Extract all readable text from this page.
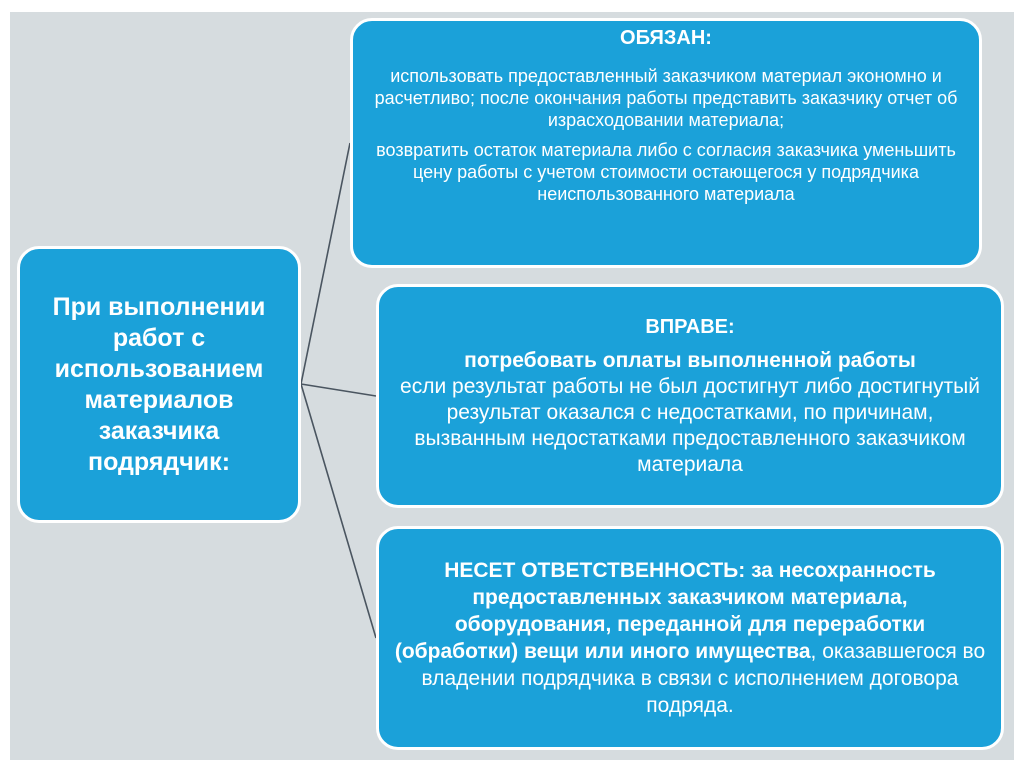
При выполнении работ с использованием материалов заказчика подрядчик:
ОБЯЗАН:
использовать предоставленный заказчиком материал экономно и расчетливо; после окончания работы представить заказчику отчет об израсходовании материала;
возвратить остаток материала либо с согласия заказчика уменьшить цену работы с учетом стоимости остающегося у подрядчика неиспользованного материала
ВПРАВЕ:
потребовать оплаты выполненной работы
если результат работы не был достигнут либо достигнутый результат оказался с недостатками, по причинам, вызванным недостатками предоставленного заказчиком материала
НЕСЕТ ОТВЕТСТВЕННОСТЬ: за несохранность предоставленных заказчиком материала, оборудования, переданной для переработки (обработки) вещи или иного имущества, оказавшегося во владении подрядчика в связи с исполнением договора подряда.
